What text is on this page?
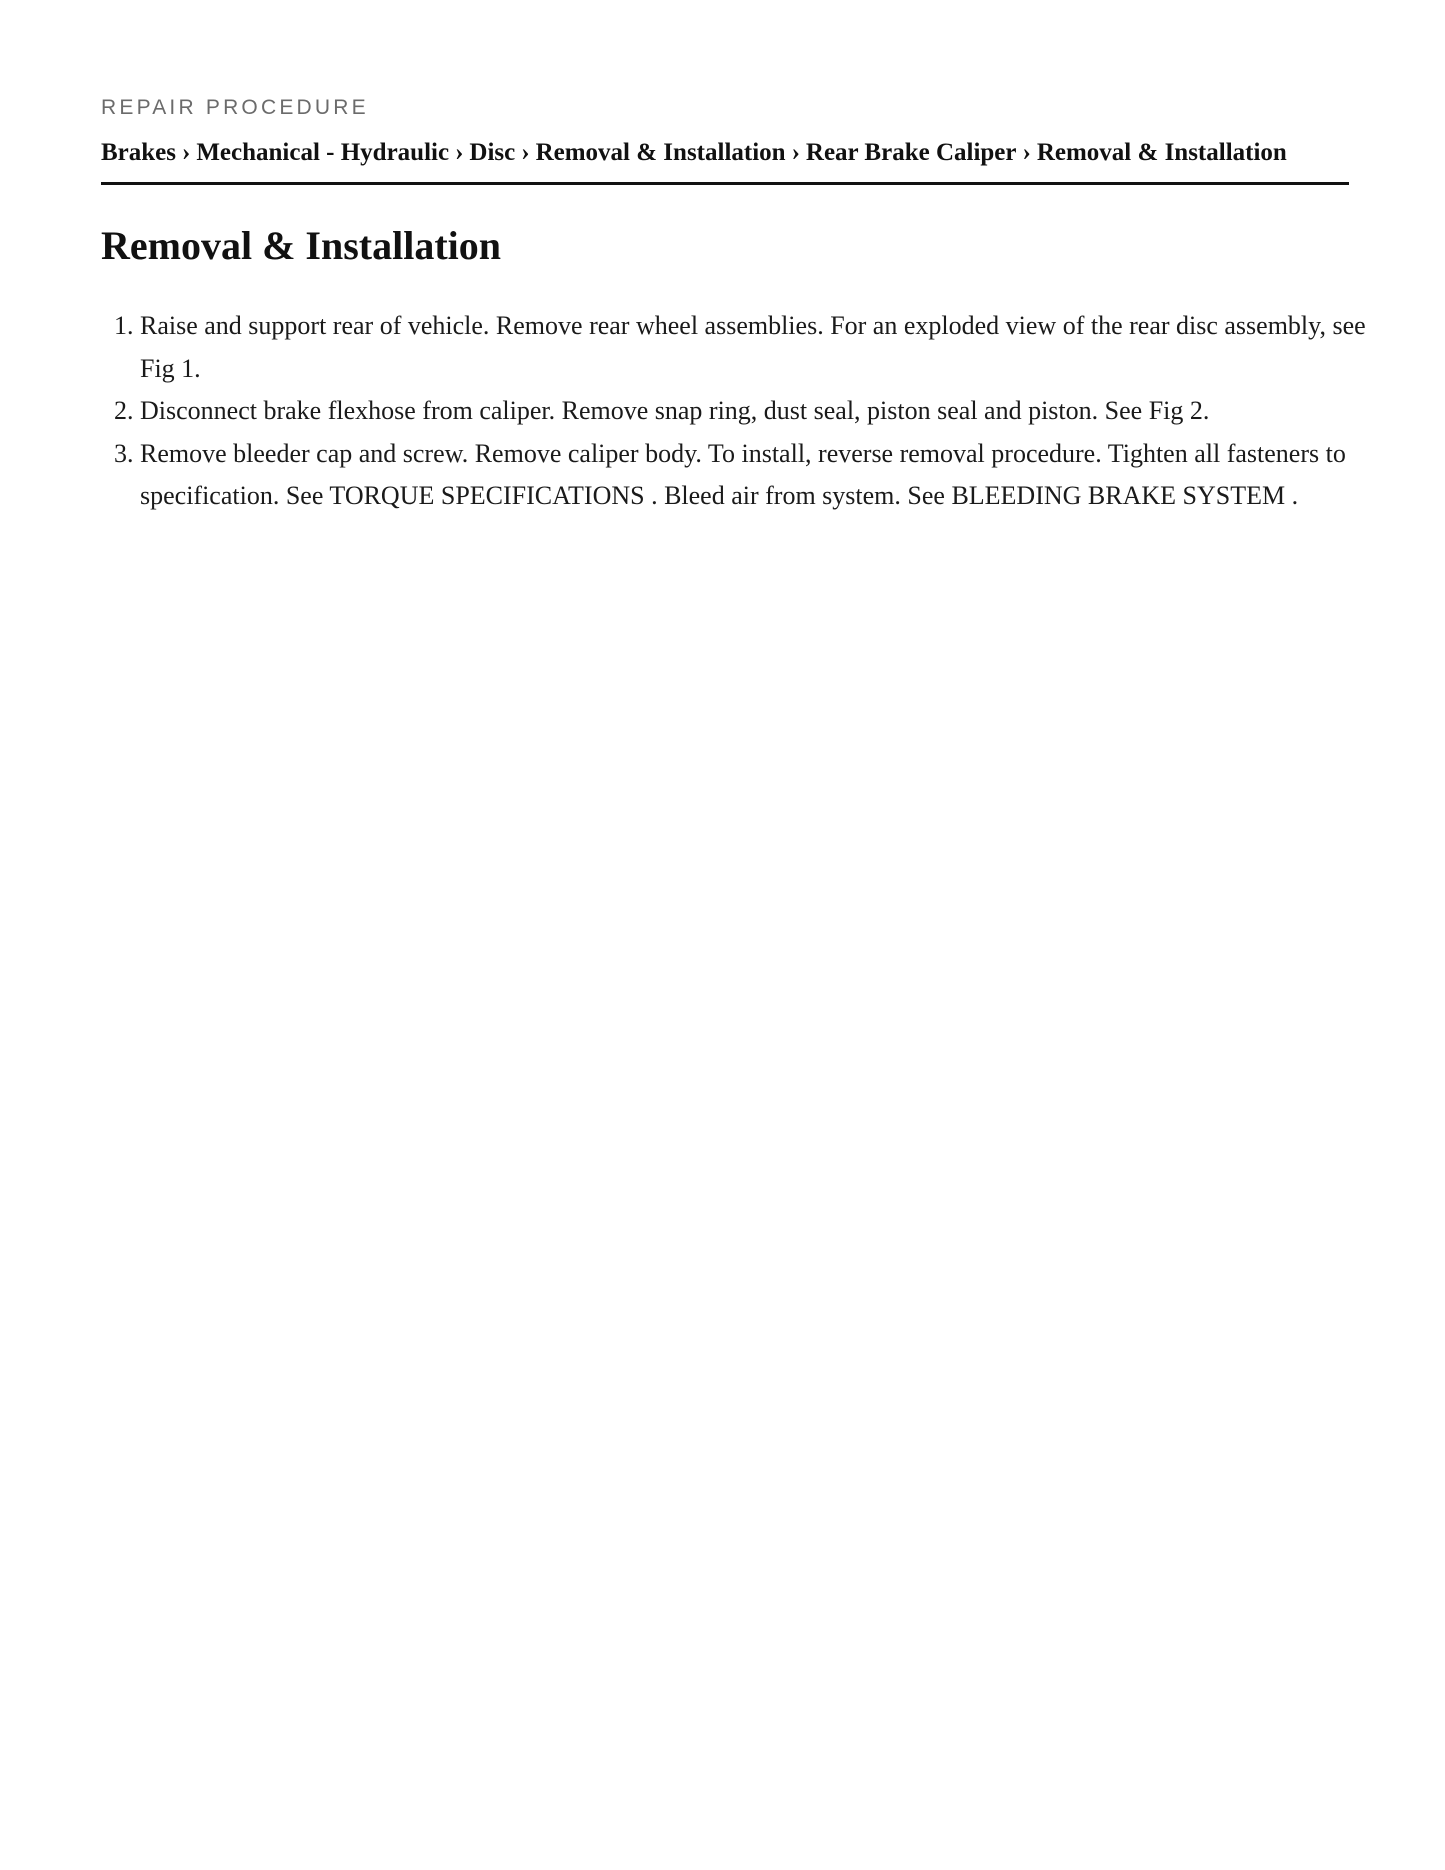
REPAIR PROCEDURE
Brakes › Mechanical - Hydraulic › Disc › Removal & Installation › Rear Brake Caliper › Removal & Installation
Removal & Installation
1. Raise and support rear of vehicle. Remove rear wheel assemblies. For an exploded view of the rear disc assembly, see Fig 1.
2. Disconnect brake flexhose from caliper. Remove snap ring, dust seal, piston seal and piston. See Fig 2.
3. Remove bleeder cap and screw. Remove caliper body. To install, reverse removal procedure. Tighten all fasteners to specification. See TORQUE SPECIFICATIONS . Bleed air from system. See BLEEDING BRAKE SYSTEM .
